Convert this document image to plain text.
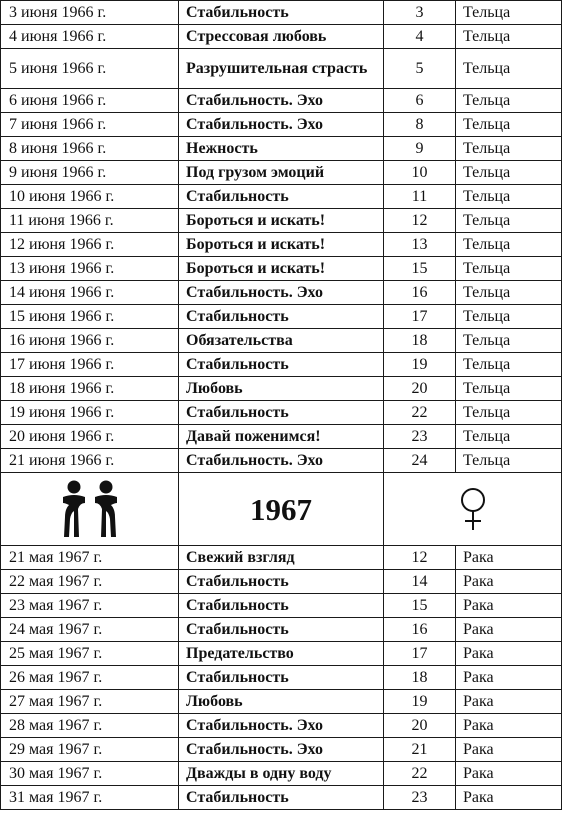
3 июня 1966 г.	Стабильность	3	Тельца
4 июня 1966 г.	Стрессовая любовь	4	Тельца
5 июня 1966 г.	Разрушительная страсть	5	Тельца
6 июня 1966 г.	Стабильность. Эхо	6	Тельца
7 июня 1966 г.	Стабильность. Эхо	8	Тельца
8 июня 1966 г.	Нежность	9	Тельца
9 июня 1966 г.	Под грузом эмоций	10	Тельца
10 июня 1966 г.	Стабильность	11	Тельца
11 июня 1966 г.	Бороться и искать!	12	Тельца
12 июня 1966 г.	Бороться и искать!	13	Тельца
13 июня 1966 г.	Бороться и искать!	15	Тельца
14 июня 1966 г.	Стабильность. Эхо	16	Тельца
15 июня 1966 г.	Стабильность	17	Тельца
16 июня 1966 г.	Обязательства	18	Тельца
17 июня 1966 г.	Стабильность	19	Тельца
18 июня 1966 г.	Любовь	20	Тельца
19 июня 1966 г.	Стабильность	22	Тельца
20 июня 1966 г.	Давай поженимся!	23	Тельца
21 июня 1966 г.	Стабильность. Эхо	24	Тельца

	1967	

21 мая 1967 г.	Свежий взгляд	12	Рака
22 мая 1967 г.	Стабильность	14	Рака
23 мая 1967 г.	Стабильность	15	Рака
24 мая 1967 г.	Стабильность	16	Рака
25 мая 1967 г.	Предательство	17	Рака
26 мая 1967 г.	Стабильность	18	Рака
27 мая 1967 г.	Любовь	19	Рака
28 мая 1967 г.	Стабильность. Эхо	20	Рака
29 мая 1967 г.	Стабильность. Эхо	21	Рака
30 мая 1967 г.	Дважды в одну воду	22	Рака
31 мая 1967 г.	Стабильность	23	Рака
